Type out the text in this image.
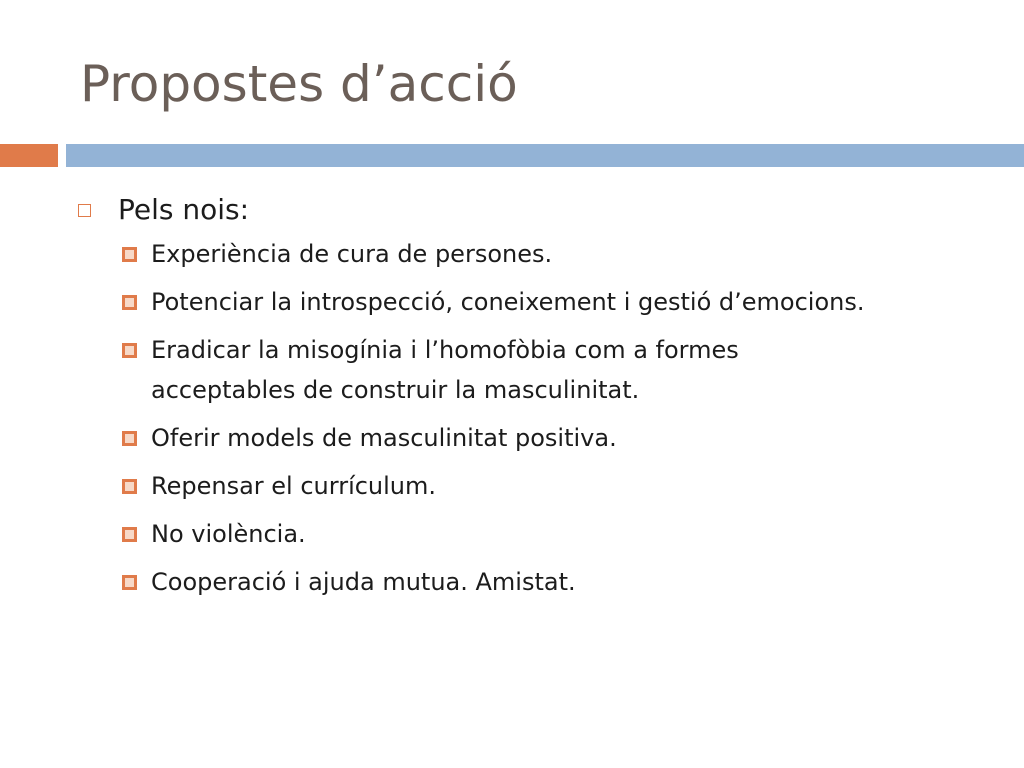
Propostes d’acció
Pels nois:
Experiència de cura de persones.
Potenciar la introspecció, coneixement i gestió d’emocions.
Eradicar la misogínia i l’homofòbia com a formes acceptables de construir la masculinitat.
Oferir models de masculinitat positiva.
Repensar el currículum.
No violència.
Cooperació i ajuda mutua. Amistat.
